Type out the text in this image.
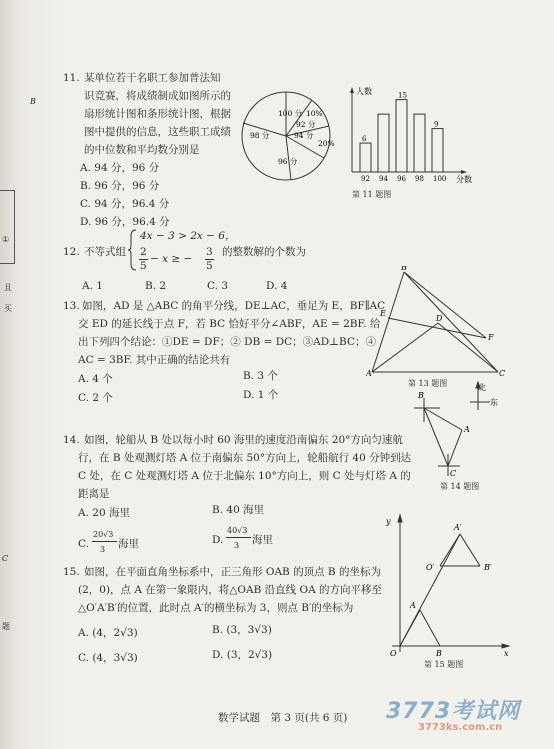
B
①
且
买
C
题
11. 某单位若干名职工参加普法知
识竞赛，将成绩制成如图所示的
扇形统计图和条形统计图，根据
图中提供的信息，这些职工成绩
的中位数和平均数分别是
A. 94 分，96 分
B. 96 分，96 分
C. 94 分，96.4 分
D. 96 分，96.4 分
100 分 10%
92 分
94 分
20%
98 分
96 分
人数
分数
92
6
94 96
15
98 100
9
第 11 题图
12. 不等式组
4x − 3 > 2x − 6，
2
5
− x ≥ −
3
5
的整数解的个数为
A. 1	B. 2	C. 3	D. 4
13. 如图，AD 是 △ABC 的角平分线，DE⊥AC，垂足为 E，BF∥AC
交 ED 的延长线于点 F，若 BC 恰好平分∠ABF，AE = 2BF. 给
出下列四个结论：①DE = DF；② DB = DC；③AD⊥BC；④
AC = 3BF. 其中正确的结论共有
A. 4 个	B. 3 个
C. 2 个	D. 1 个
B
E
D
F
A	C
第 13 题图
14. 如图，轮船从 B 处以每小时 60 海里的速度沿南偏东 20°方向匀速航
行，在 B 处观测灯塔 A 位于南偏东 50°方向上，轮船航行 40 分钟到达
C 处，在 C 处观测灯塔 A 位于北偏东 10°方向上，则 C 处与灯塔 A 的
距离是
A. 20 海里	B. 40 海里
C.
20√3
3 海里	D.
40√3
3 海里
北
东
B
A
C
第 14 题图
15. 如图，在平面直角坐标系中，正三角形 OAB 的顶点 B 的坐标为
(2，0)，点 A 在第一象限内，将△OAB 沿直线 OA 的方向平移至
△O′A′B′的位置，此时点 A′的横坐标为 3，则点 B′的坐标为
A. (4，2√3)	B. (3，3√3)
C. (4，3√3)	D. (3，2√3)
y
A′
O′	B′
A
O	B	x
第 15 题图
数学试题　第 3 页(共 6 页) 3773考试网
3773ks.com.cn
